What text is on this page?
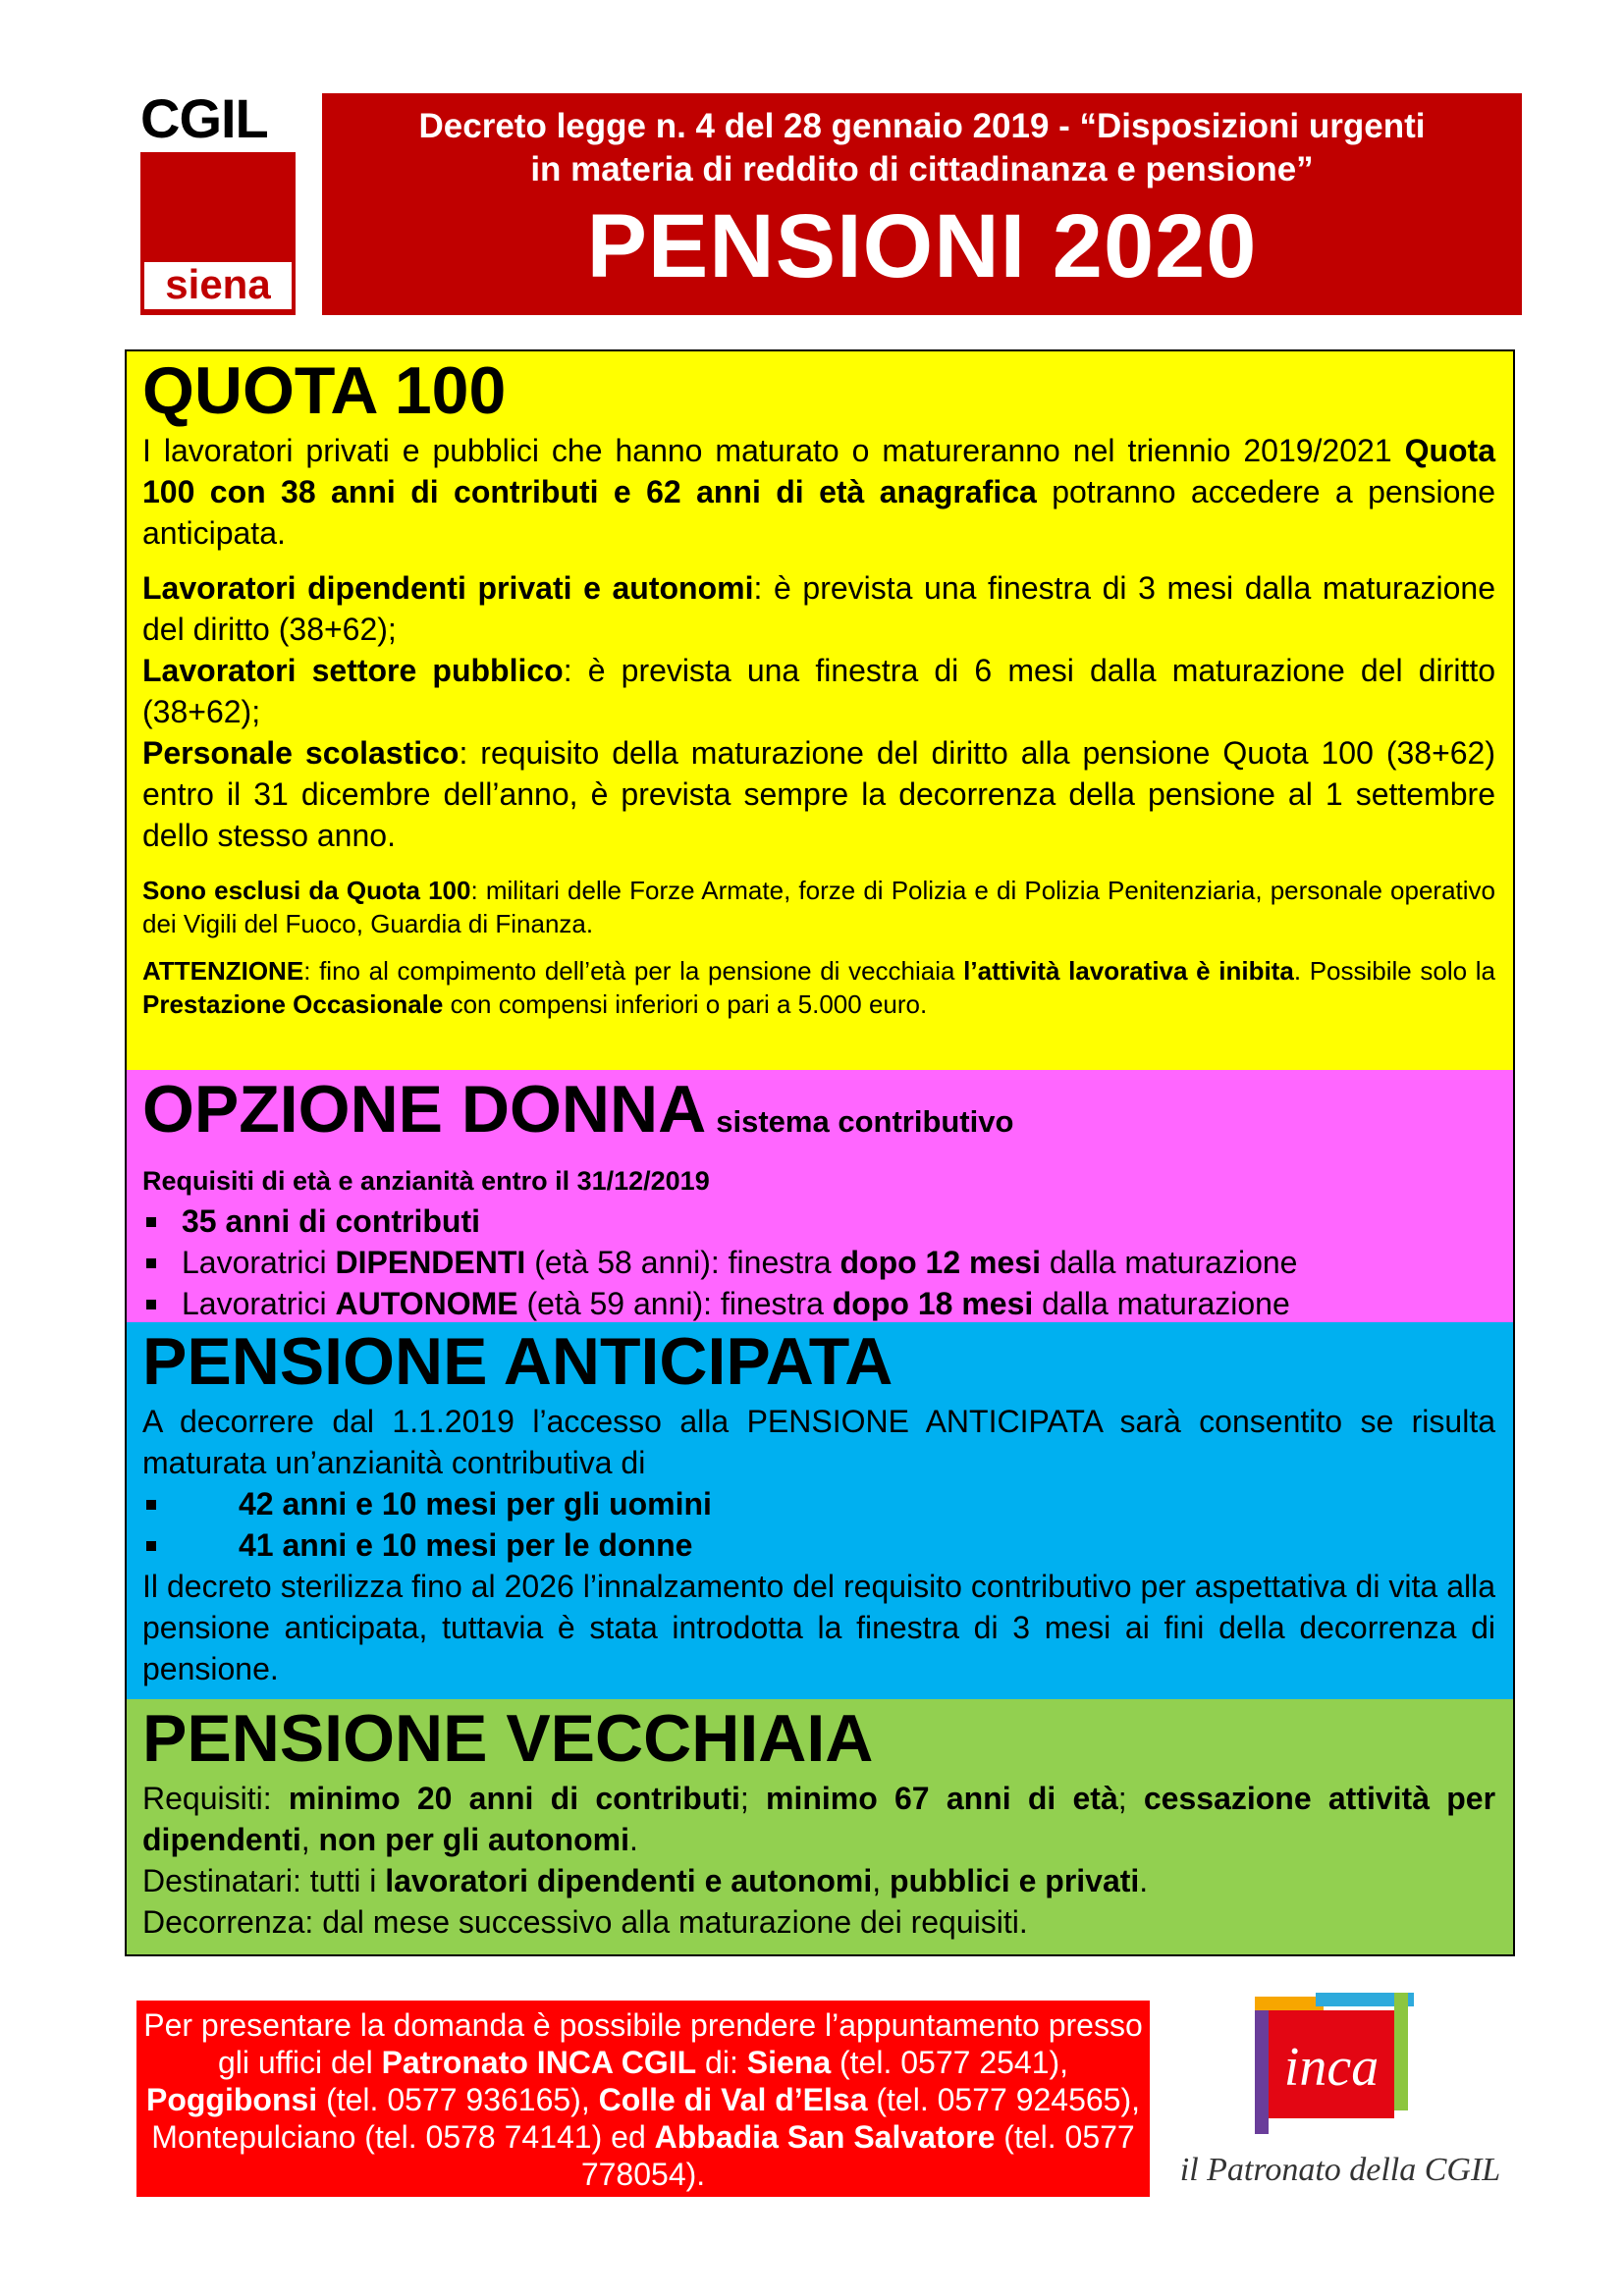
CGIL
siena
Decreto legge n. 4 del 28 gennaio 2019 - “Disposizioni urgenti
in materia di reddito di cittadinanza e pensione”
PENSIONI 2020
QUOTA 100

I lavoratori privati e pubblici che hanno maturato o matureranno nel triennio 2019/2021 Quota 100 con 38 anni di contributi e 62 anni di età anagrafica potranno accedere a pensione anticipata.

Lavoratori dipendenti privati e autonomi: è prevista una finestra di 3 mesi dalla maturazione del diritto (38+62);

Lavoratori settore pubblico: è prevista una finestra di 6 mesi dalla maturazione del diritto (38+62);

Personale scolastico: requisito della maturazione del diritto alla pensione Quota 100 (38+62) entro il 31 dicembre dell’anno, è prevista sempre la decorrenza della pensione al 1 settembre dello stesso anno.

Sono esclusi da Quota 100: militari delle Forze Armate, forze di Polizia e di Polizia Penitenziaria, personale operativo dei Vigili del Fuoco, Guardia di Finanza.

ATTENZIONE: fino al compimento dell’età per la pensione di vecchiaia l’attività lavorativa è inibita. Possibile solo la Prestazione Occasionale con compensi inferiori o pari a 5.000 euro.

OPZIONE DONNA sistema contributivo

Requisiti di età e anzianità entro il 31/12/2019

35 anni di contributi

Lavoratrici DIPENDENTI (età 58 anni): finestra dopo 12 mesi dalla maturazione

Lavoratrici AUTONOME (età 59 anni): finestra dopo 18 mesi dalla maturazione

PENSIONE ANTICIPATA

A decorrere dal 1.1.2019 l’accesso alla PENSIONE ANTICIPATA sarà consentito se risulta maturata un’anzianità contributiva di

42 anni e 10 mesi per gli uomini

41 anni e 10 mesi per le donne

Il decreto sterilizza fino al 2026 l’innalzamento del requisito contributivo per aspettativa di vita alla pensione anticipata, tuttavia è stata introdotta la finestra di 3 mesi ai fini della decorrenza di pensione.

PENSIONE VECCHIAIA

Requisiti: minimo 20 anni di contributi; minimo 67 anni di età; cessazione attività per dipendenti, non per gli autonomi.

Destinatari: tutti i lavoratori dipendenti e autonomi, pubblici e privati.

Decorrenza: dal mese successivo alla maturazione dei requisiti.

Per presentare la domanda è possibile prendere l’appuntamento presso gli uffici del Patronato INCA CGIL di: Siena (tel. 0577 2541), Poggibonsi (tel. 0577 936165), Colle di Val d’Elsa (tel. 0577 924565), Montepulciano (tel. 0578 74141) ed Abbadia San Salvatore (tel. 0577 778054).
inca
il Patronato della CGIL
